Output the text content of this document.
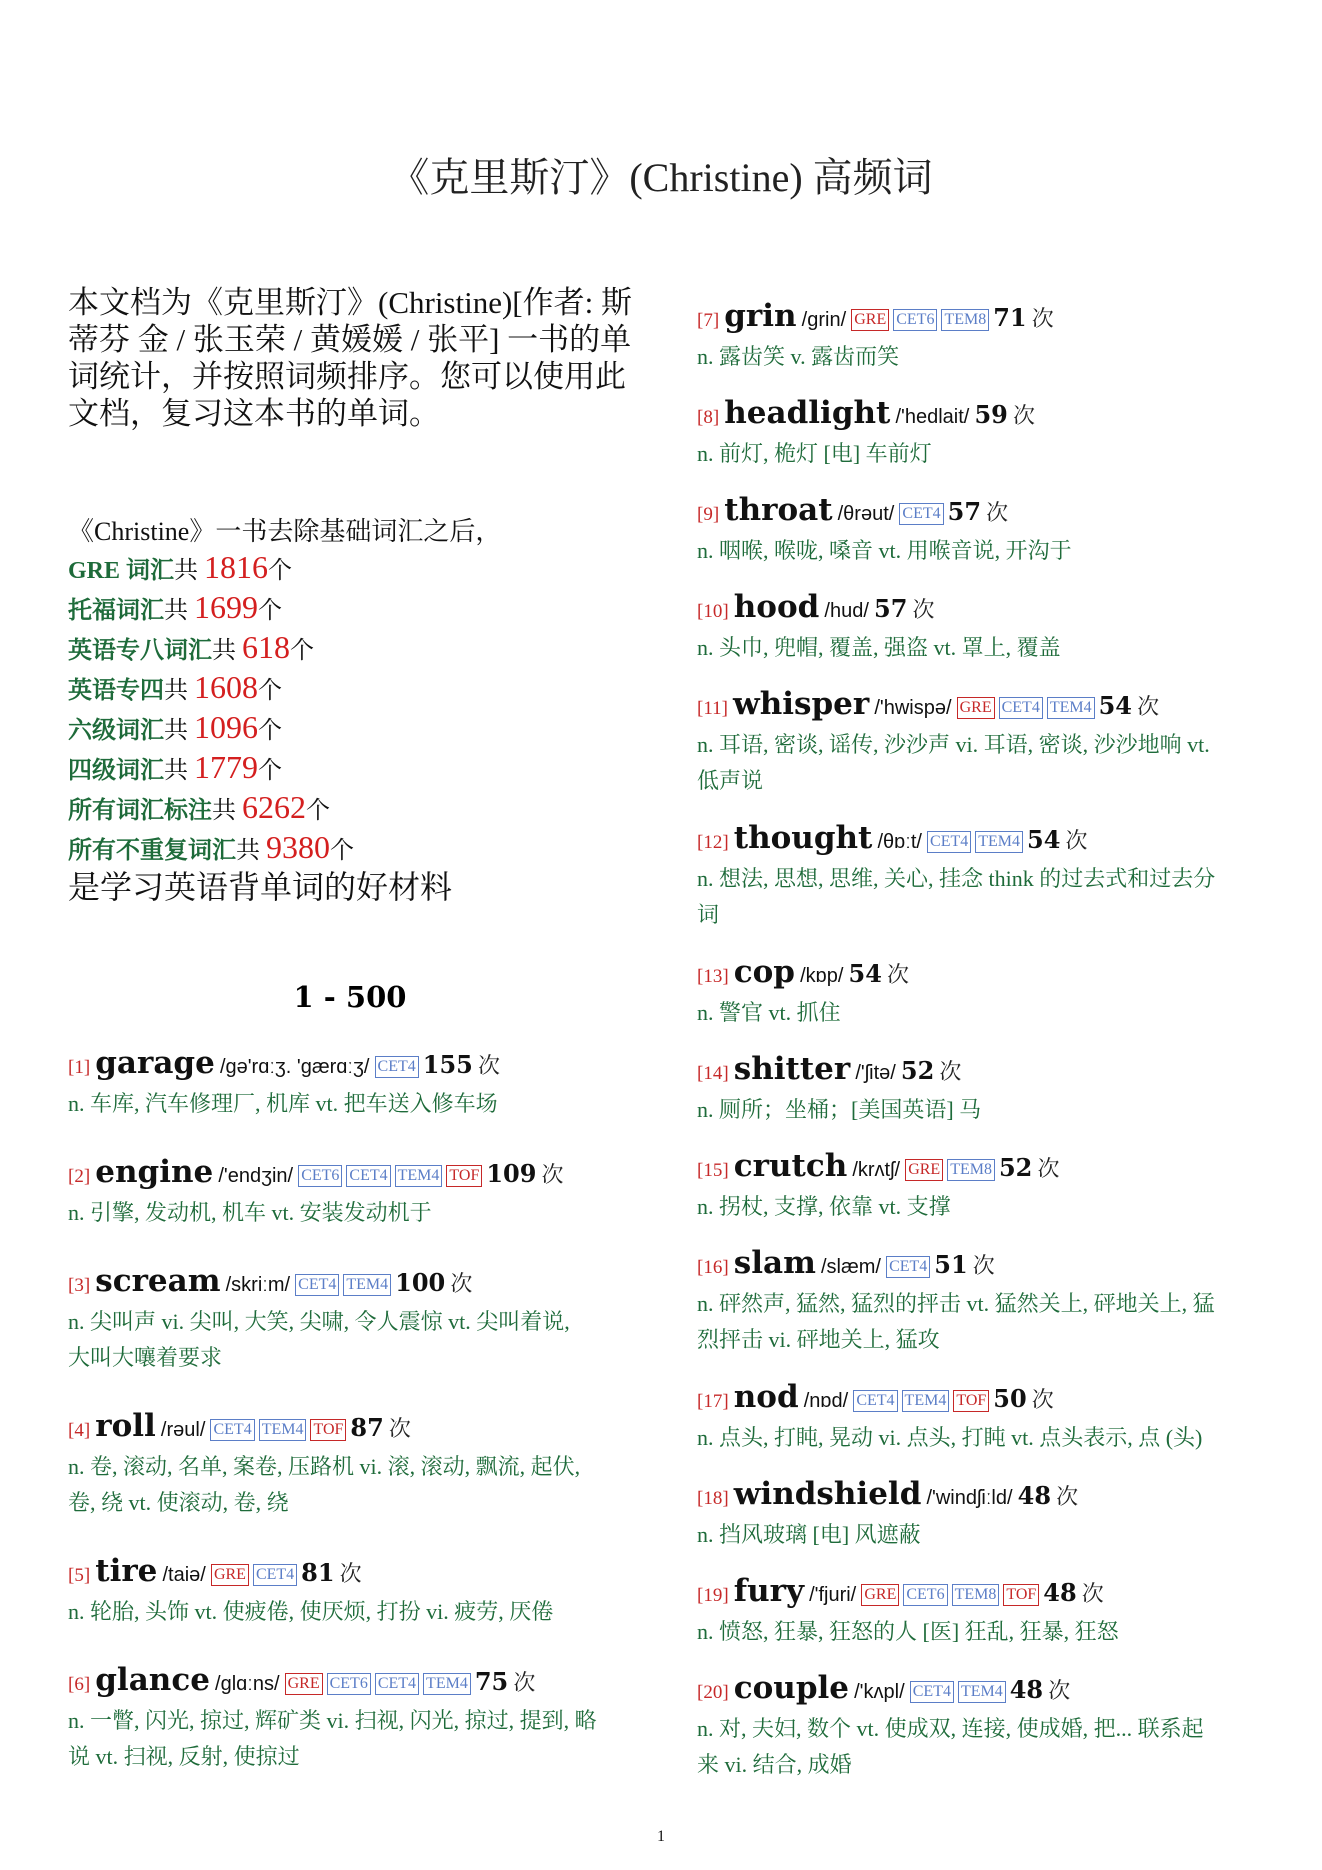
《克里斯汀》(Christine) 高频词
本文档为《克里斯汀》(Christine)[作者: 斯蒂芬 金 / 张玉荣 / 黄媛媛 / 张平] 一书的单词统计，并按照词频排序。您可以使用此文档，复习这本书的单词。
《Christine》一书去除基础词汇之后，
GRE 词汇共 1816个
托福词汇共 1699个
英语专八词汇共 618个
英语专四共 1608个
六级词汇共 1096个
四级词汇共 1779个
所有词汇标注共 6262个
所有不重复词汇共 9380个
是学习英语背单词的好材料
1 - 500
[1] garage /gə'rɑːʒ. 'gærɑːʒ/ CET4 155 次
n. 车库, 汽车修理厂, 机库 vt. 把车送入修车场
[2] engine /'endʒin/ CET6 CET4 TEM4 TOF 109 次
n. 引擎, 发动机, 机车 vt. 安装发动机于
[3] scream /skriːm/ CET4 TEM4 100 次
n. 尖叫声 vi. 尖叫, 大笑, 尖啸, 令人震惊 vt. 尖叫着说,
大叫大嚷着要求
[4] roll /rəul/ CET4 TEM4 TOF 87 次
n. 卷, 滚动, 名单, 案卷, 压路机 vi. 滚, 滚动, 飘流, 起伏,
卷, 绕 vt. 使滚动, 卷, 绕
[5] tire /taiə/ GRE CET4 81 次
n. 轮胎, 头饰 vt. 使疲倦, 使厌烦, 打扮 vi. 疲劳, 厌倦
[6] glance /glɑːns/ GRE CET6 CET4 TEM4 75 次
n. 一瞥, 闪光, 掠过, 辉矿类 vi. 扫视, 闪光, 掠过, 提到, 略
说 vt. 扫视, 反射, 使掠过
[7] grin /grin/ GRE CET6 TEM8 71 次
n. 露齿笑 v. 露齿而笑
[8] headlight /'hedlait/ 59 次
n. 前灯, 桅灯 [电] 车前灯
[9] throat /θrəut/ CET4 57 次
n. 咽喉, 喉咙, 嗓音 vt. 用喉音说, 开沟于
[10] hood /hud/ 57 次
n. 头巾, 兜帽, 覆盖, 强盗 vt. 罩上, 覆盖
[11] whisper /'hwispə/ GRE CET4 TEM4 54 次
n. 耳语, 密谈, 谣传, 沙沙声 vi. 耳语, 密谈, 沙沙地响 vt.
低声说
[12] thought /θɒːt/ CET4 TEM4 54 次
n. 想法, 思想, 思维, 关心, 挂念 think 的过去式和过去分
词
[13] cop /kɒp/ 54 次
n. 警官 vt. 抓住
[14] shitter /'ʃitə/ 52 次
n. 厕所；坐桶；[美国英语] 马
[15] crutch /krʌtʃ/ GRE TEM8 52 次
n. 拐杖, 支撑, 依靠 vt. 支撑
[16] slam /slæm/ CET4 51 次
n. 砰然声, 猛然, 猛烈的抨击 vt. 猛然关上, 砰地关上, 猛
烈抨击 vi. 砰地关上, 猛攻
[17] nod /nɒd/ CET4 TEM4 TOF 50 次
n. 点头, 打盹, 晃动 vi. 点头, 打盹 vt. 点头表示, 点 (头)
[18] windshield /'windʃiːld/ 48 次
n. 挡风玻璃 [电] 风遮蔽
[19] fury /'fjuri/ GRE CET6 TEM8 TOF 48 次
n. 愤怒, 狂暴, 狂怒的人 [医] 狂乱, 狂暴, 狂怒
[20] couple /'kʌpl/ CET4 TEM4 48 次
n. 对, 夫妇, 数个 vt. 使成双, 连接, 使成婚, 把... 联系起
来 vi. 结合, 成婚
1
